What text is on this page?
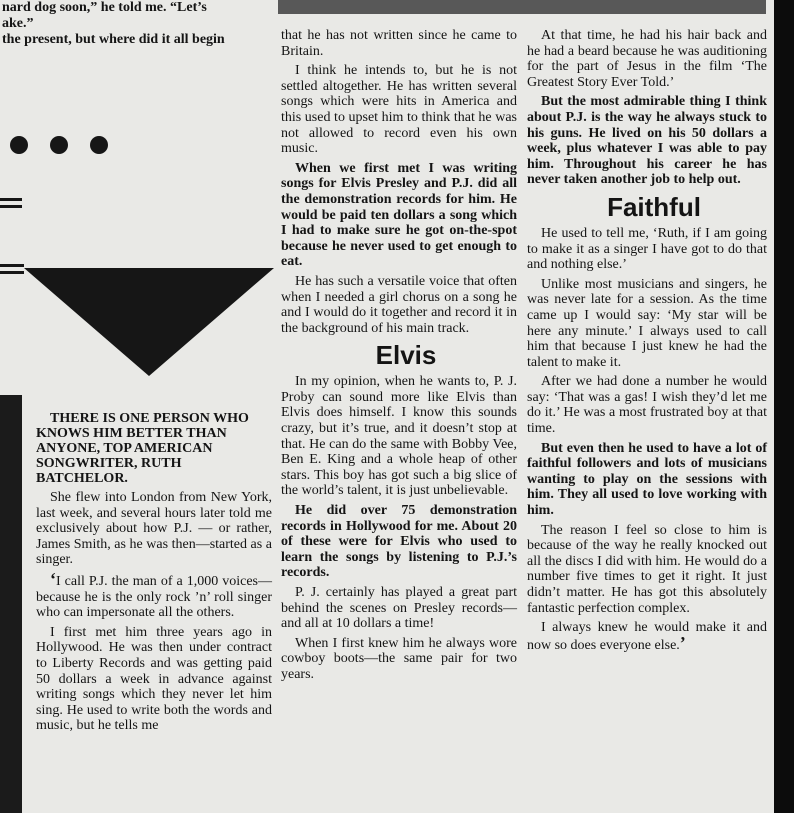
nard dog soon,” he told me. “Let’s
ake.”
the present, but where did it all begin

THERE IS ONE PERSON WHO KNOWS HIM BETTER THAN ANYONE, TOP AMERICAN SONGWRITER, RUTH BATCHELOR.

She flew into London from New York, last week, and several hours later told me exclusively about how P.J. — or rather, James Smith, as he was then—started as a singer.

‘I call P.J. the man of a 1,000 voices—because he is the only rock ’n’ roll singer who can impersonate all the others.

I first met him three years ago in Hollywood. He was then under contract to Liberty Records and was getting paid 50 dollars a week in advance against writing songs which they never let him sing. He used to write both the words and music, but he tells me

that he has not written since he came to Britain.

I think he intends to, but he is not settled altogether. He has written several songs which were hits in America and this used to upset him to think that he was not allowed to record even his own music.

When we first met I was writing songs for Elvis Presley and P.J. did all the demonstration records for him. He would be paid ten dollars a song which I had to make sure he got on-the-spot because he never used to get enough to eat.

He has such a versatile voice that often when I needed a girl chorus on a song he and I would do it together and record it in the background of his main track.

Elvis

In my opinion, when he wants to, P. J. Proby can sound more like Elvis than Elvis does himself. I know this sounds crazy, but it’s true, and it doesn’t stop at that. He can do the same with Bobby Vee, Ben E. King and a whole heap of other stars. This boy has got such a big slice of the world’s talent, it is just unbelievable.

He did over 75 demonstration records in Hollywood for me. About 20 of these were for Elvis who used to learn the songs by listening to P.J.’s records.

P. J. certainly has played a great part behind the scenes on Presley records—and all at 10 dollars a time!

When I first knew him he always wore cowboy boots—the same pair for two years.

At that time, he had his hair back and he had a beard because he was auditioning for the part of Jesus in the film ‘The Greatest Story Ever Told.’

But the most admirable thing I think about P.J. is the way he always stuck to his guns. He lived on his 50 dollars a week, plus whatever I was able to pay him. Throughout his career he has never taken another job to help out.

Faithful

He used to tell me, ‘Ruth, if I am going to make it as a singer I have got to do that and nothing else.’

Unlike most musicians and singers, he was never late for a session. As the time came up I would say: ‘My star will be here any minute.’ I always used to call him that because I just knew he had the talent to make it.

After we had done a number he would say: ‘That was a gas! I wish they’d let me do it.’ He was a most frustrated boy at that time.

But even then he used to have a lot of faithful followers and lots of musicians wanting to play on the sessions with him. They all used to love working with him.

The reason I feel so close to him is because of the way he really knocked out all the discs I did with him. He would do a number five times to get it right. It just didn’t matter. He has got this absolutely fantastic perfection complex.

I always knew he would make it and now so does everyone else.’
